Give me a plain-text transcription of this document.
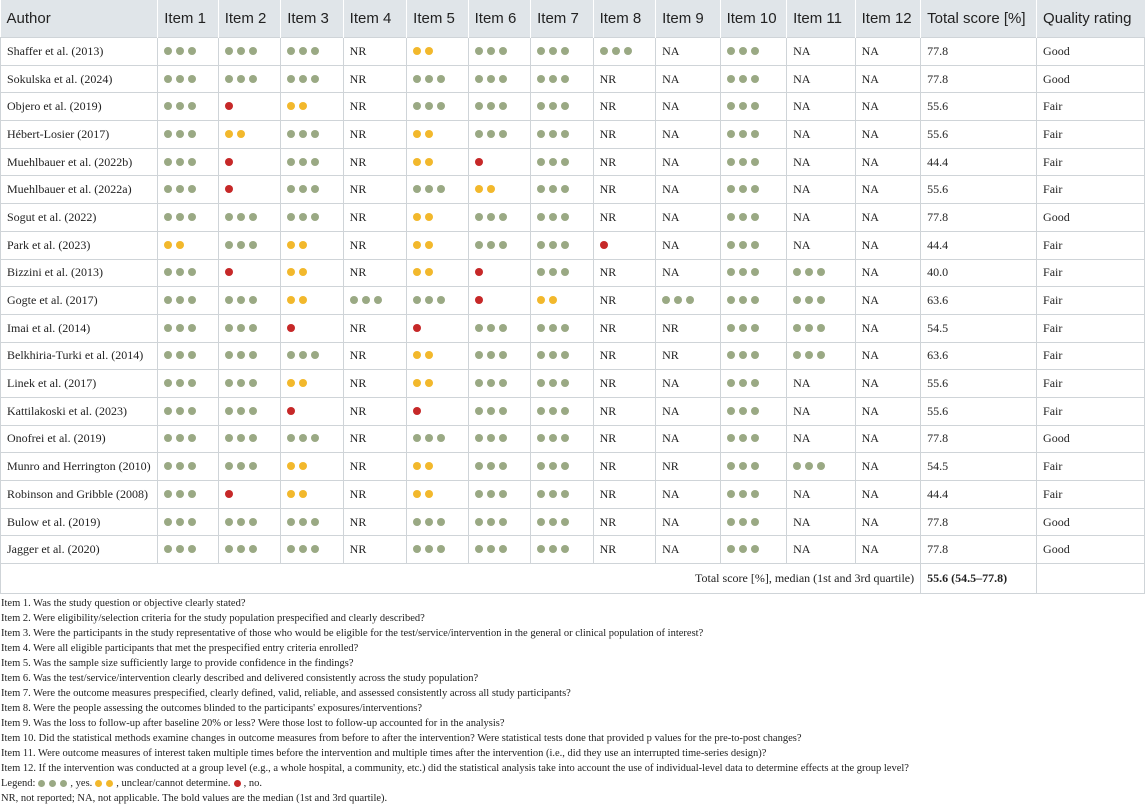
Author	Item 1	Item 2	Item 3	Item 4	Item 5	Item 6	Item 7	Item 8	Item 9	Item 10	Item 11	Item 12	Total score [%]	Quality rating
Shaffer et al. (2013)				NR					NA		NA	NA	77.8	Good
Sokulska et al. (2024)				NR				NR	NA		NA	NA	77.8	Good
Objero et al. (2019)				NR				NR	NA		NA	NA	55.6	Fair
Hébert-Losier (2017)				NR				NR	NA		NA	NA	55.6	Fair
Muehlbauer et al. (2022b)				NR				NR	NA		NA	NA	44.4	Fair
Muehlbauer et al. (2022a)				NR				NR	NA		NA	NA	55.6	Fair
Sogut et al. (2022)				NR				NR	NA		NA	NA	77.8	Good
Park et al. (2023)				NR					NA		NA	NA	44.4	Fair
Bizzini et al. (2013)				NR				NR	NA			NA	40.0	Fair
Gogte et al. (2017)								NR				NA	63.6	Fair
Imai et al. (2014)				NR				NR	NR			NA	54.5	Fair
Belkhiria-Turki et al. (2014)				NR				NR	NR			NA	63.6	Fair
Linek et al. (2017)				NR				NR	NA		NA	NA	55.6	Fair
Kattilakoski et al. (2023)				NR				NR	NA		NA	NA	55.6	Fair
Onofrei et al. (2019)				NR				NR	NA		NA	NA	77.8	Good
Munro and Herrington (2010)				NR				NR	NR			NA	54.5	Fair
Robinson and Gribble (2008)				NR				NR	NA		NA	NA	44.4	Fair
Bulow et al. (2019)				NR				NR	NA		NA	NA	77.8	Good
Jagger et al. (2020)				NR				NR	NA		NA	NA	77.8	Good
Total score [%], median (1st and 3rd quartile)													55.6 (54.5–77.8)	

Item 1. Was the study question or objective clearly stated?

Item 2. Were eligibility/selection criteria for the study population prespecified and clearly described?

Item 3. Were the participants in the study representative of those who would be eligible for the test/service/intervention in the general or clinical population of interest?

Item 4. Were all eligible participants that met the prespecified entry criteria enrolled?

Item 5. Was the sample size sufficiently large to provide confidence in the findings?

Item 6. Was the test/service/intervention clearly described and delivered consistently across the study population?

Item 7. Were the outcome measures prespecified, clearly defined, valid, reliable, and assessed consistently across all study participants?

Item 8. Were the people assessing the outcomes blinded to the participants' exposures/interventions?

Item 9. Was the loss to follow-up after baseline 20% or less? Were those lost to follow-up accounted for in the analysis?

Item 10. Did the statistical methods examine changes in outcome measures from before to after the intervention? Were statistical tests done that provided p values for the pre-to-post changes?

Item 11. Were outcome measures of interest taken multiple times before the intervention and multiple times after the intervention (i.e., did they use an interrupted time-series design)?

Item 12. If the intervention was conducted at a group level (e.g., a whole hospital, a community, etc.) did the statistical analysis take into account the use of individual-level data to determine effects at the group level?

Legend:	, yes. , unclear/cannot determine. , no.

NR, not reported; NA, not applicable. The bold values are the median (1st and 3rd quartile).
